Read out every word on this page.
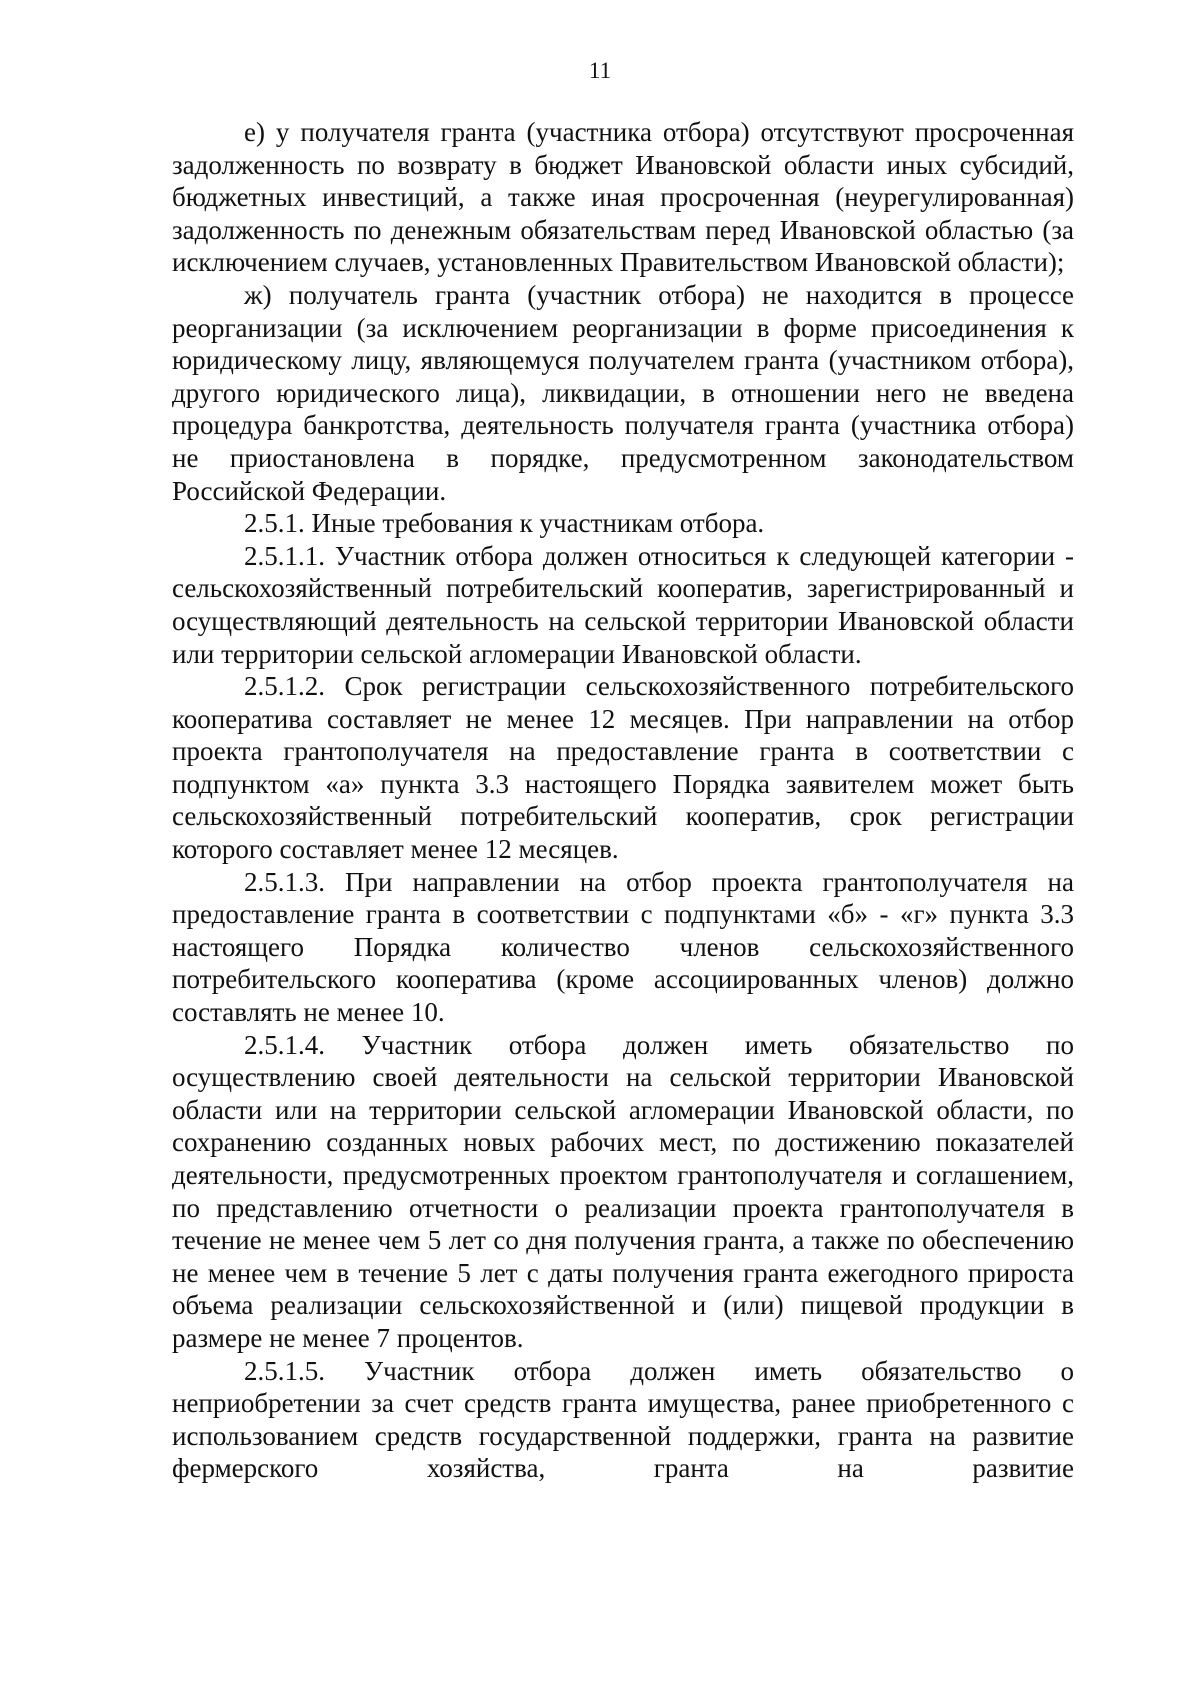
11

е) у получателя гранта (участника отбора) отсутствуют просроченная задолженность по возврату в бюджет Ивановской области иных субсидий, бюджетных инвестиций, а также иная просроченная (неурегулированная) задолженность по денежным обязательствам перед Ивановской областью (за исключением случаев, установленных Правительством Ивановской области);

ж) получатель гранта (участник отбора) не находится в процессе реорганизации (за исключением реорганизации в форме присоединения к юридическому лицу, являющемуся получателем гранта (участником отбора), другого юридического лица), ликвидации, в отношении него не введена процедура банкротства, деятельность получателя гранта (участника отбора) не приостановлена в порядке, предусмотренном законодательством Российской Федерации.

2.5.1. Иные требования к участникам отбора.

2.5.1.1. Участник отбора должен относиться к следующей категории - сельскохозяйственный потребительский кооператив, зарегистрированный и осуществляющий деятельность на сельской территории Ивановской области или территории сельской агломерации Ивановской области.

2.5.1.2. Срок регистрации сельскохозяйственного потребительского кооператива составляет не менее 12 месяцев. При направлении на отбор проекта грантополучателя на предоставление гранта в соответствии с подпунктом «а» пункта 3.3 настоящего Порядка заявителем может быть сельскохозяйственный потребительский кооператив, срок регистрации которого составляет менее 12 месяцев.

2.5.1.3. При направлении на отбор проекта грантополучателя на предоставление гранта в соответствии с подпунктами «б» - «г» пункта 3.3 настоящего Порядка количество членов сельскохозяйственного потребительского кооператива (кроме ассоциированных членов) должно составлять не менее 10.

2.5.1.4. Участник отбора должен иметь обязательство по осуществлению своей деятельности на сельской территории Ивановской области или на территории сельской агломерации Ивановской области, по сохранению созданных новых рабочих мест, по достижению показателей деятельности, предусмотренных проектом грантополучателя и соглашением, по представлению отчетности о реализации проекта грантополучателя в течение не менее чем 5 лет со дня получения гранта, а также по обеспечению не менее чем в течение 5 лет с даты получения гранта ежегодного прироста объема реализации сельскохозяйственной и (или) пищевой продукции в размере не менее 7 процентов.

2.5.1.5. Участник отбора должен иметь обязательство о неприобретении за счет средств гранта имущества, ранее приобретенного с использованием средств государственной поддержки, гранта на развитие фермерского хозяйства, гранта на развитие
